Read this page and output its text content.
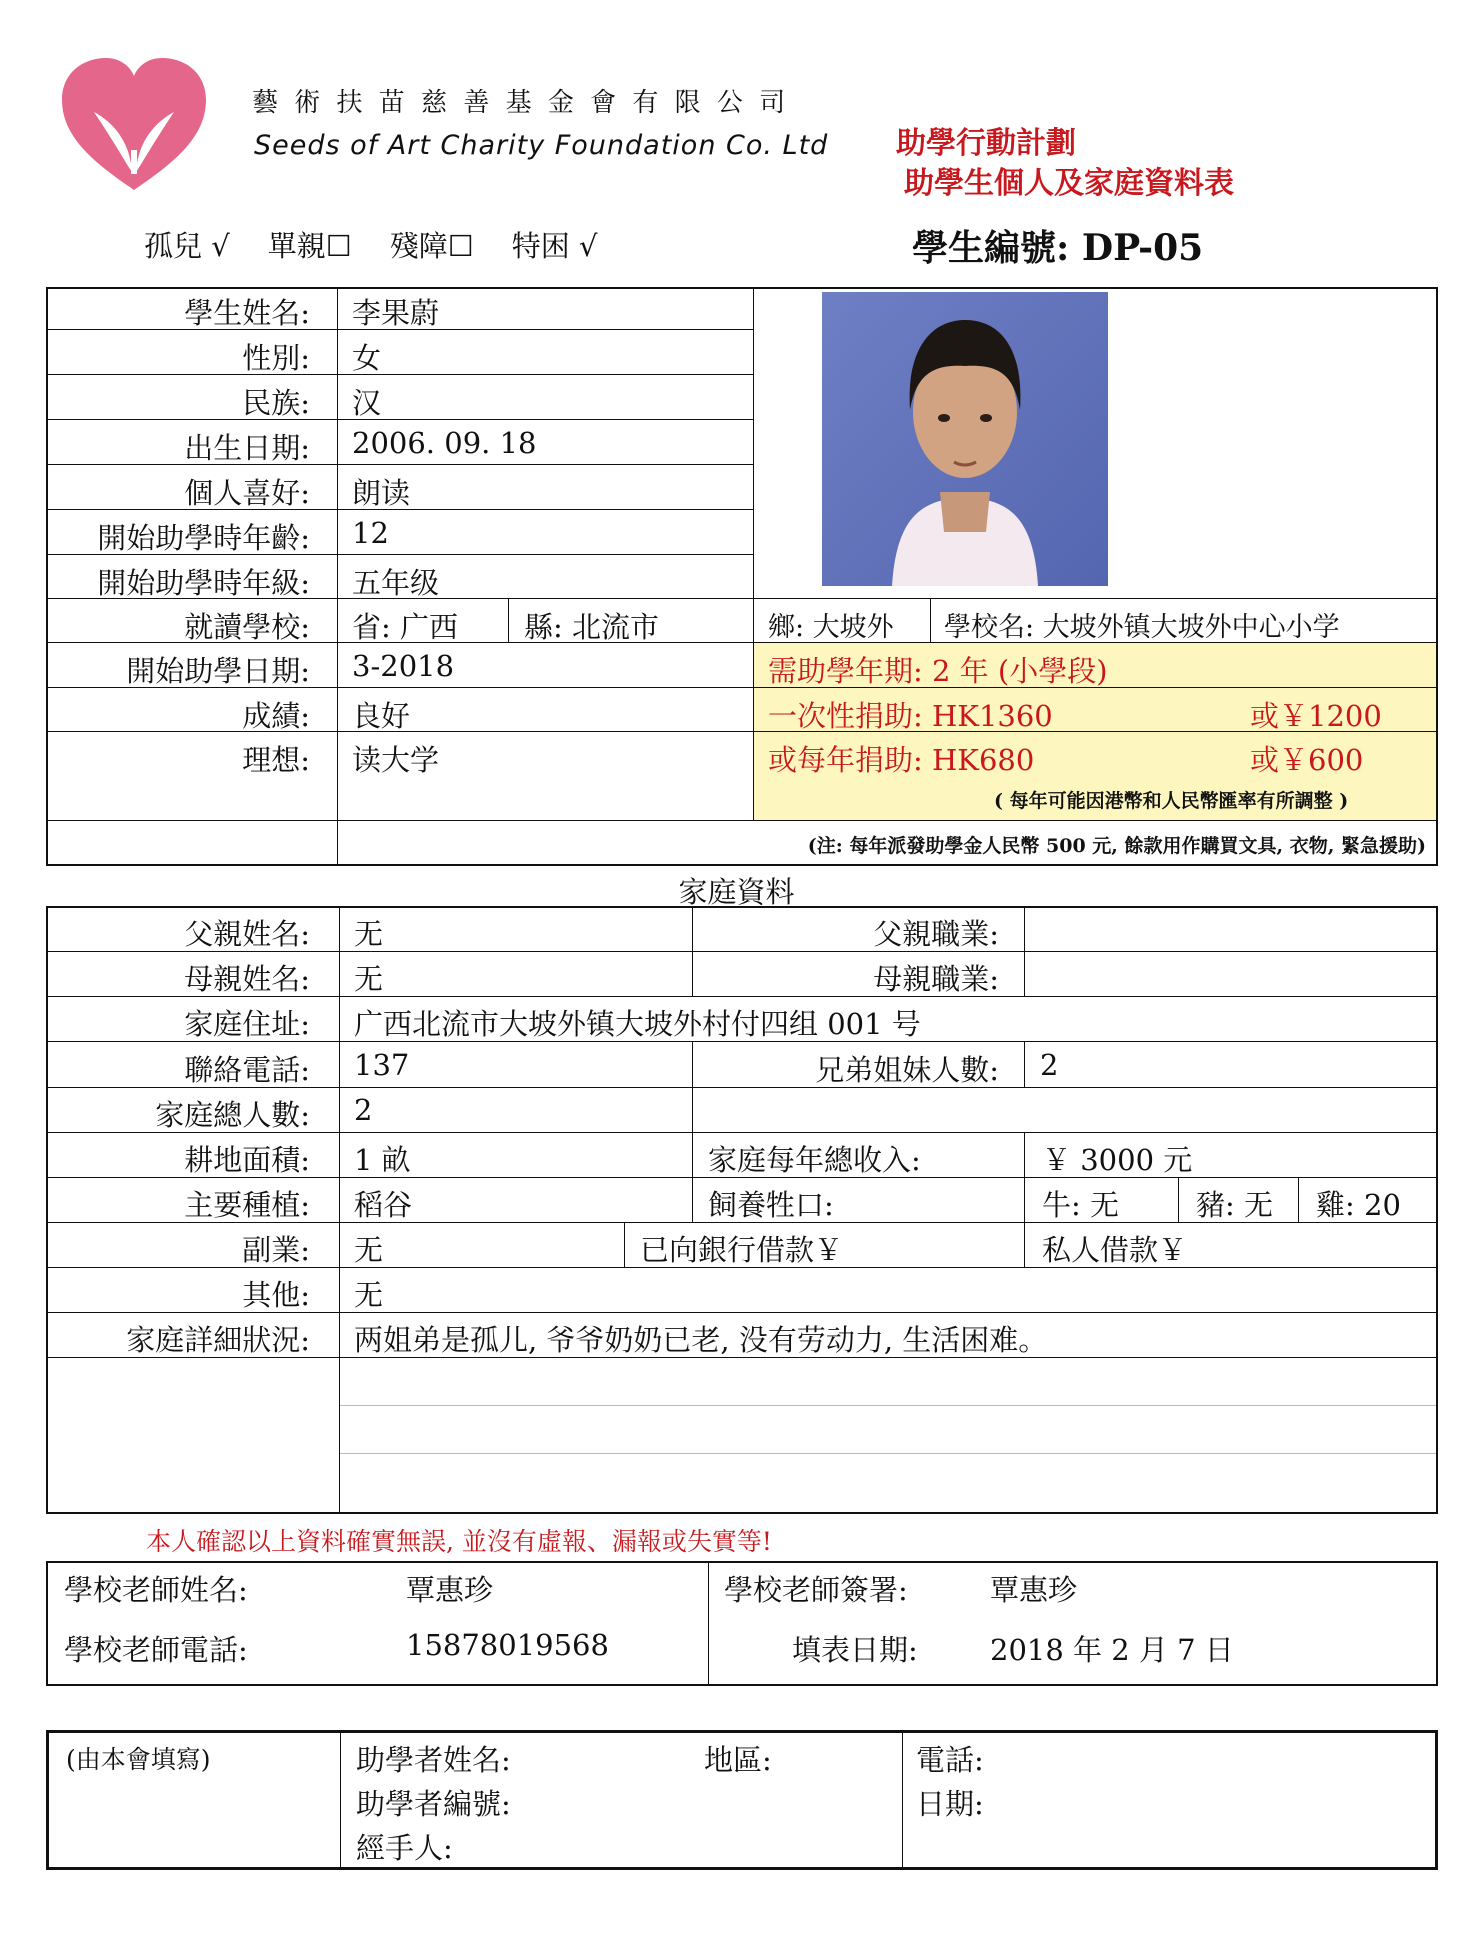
藝 術 扶 苗 慈 善 基 金 會 有 限 公 司
Seeds of Art Charity Foundation Co. Ltd 助學行動計劃
助學生個人及家庭資料表
孤兒 √ 單親☐ 殘障☐ 特困 √	學生編號: DP-05
學生姓名: 李果蔚
性別: 女
民族: 汉
出生日期: 2006. 09. 18
個人喜好: 朗读
開始助學時年齡: 12
開始助學時年級: 五年级
就讀學校: 省: 广西 縣: 北流市	鄉: 大坡外 學校名: 大坡外镇大坡外中心小学
開始助學日期: 3-2018	需助學年期: 2 年 (小學段)
成績: 良好	一次性捐助: HK1360	或￥1200
理想: 读大学	或每年捐助: HK680	或￥600
( 每年可能因港幣和人民幣匯率有所調整 )
(注: 每年派發助學金人民幣 500 元, 餘款用作購買文具, 衣物, 緊急援助)
家庭資料
父親姓名: 无	父親職業:
母親姓名: 无	母親職業:
家庭住址: 广西北流市大坡外镇大坡外村付四组 001 号
聯絡電話: 137	兄弟姐妹人數: 2
家庭總人數: 2
耕地面積: 1 畝	家庭每年總收入:	￥ 3000 元
主要種植: 稻谷	飼養牲口:	牛: 无	豬: 无 雞: 20
副業: 无	已向銀行借款￥	私人借款￥
其他: 无
家庭詳細狀況: 两姐弟是孤儿, 爷爷奶奶已老, 没有劳动力, 生活困难。
本人確認以上資料確實無誤, 並沒有虛報、漏報或失實等!
學校老師姓名:	覃惠珍
學校老師電話:	15878019568
學校老師簽署:	覃惠珍
填表日期: 2018 年 2 月 7 日
(由本會填寫)	助學者姓名:	地區:	電話:
助學者編號:	日期:
經手人:
